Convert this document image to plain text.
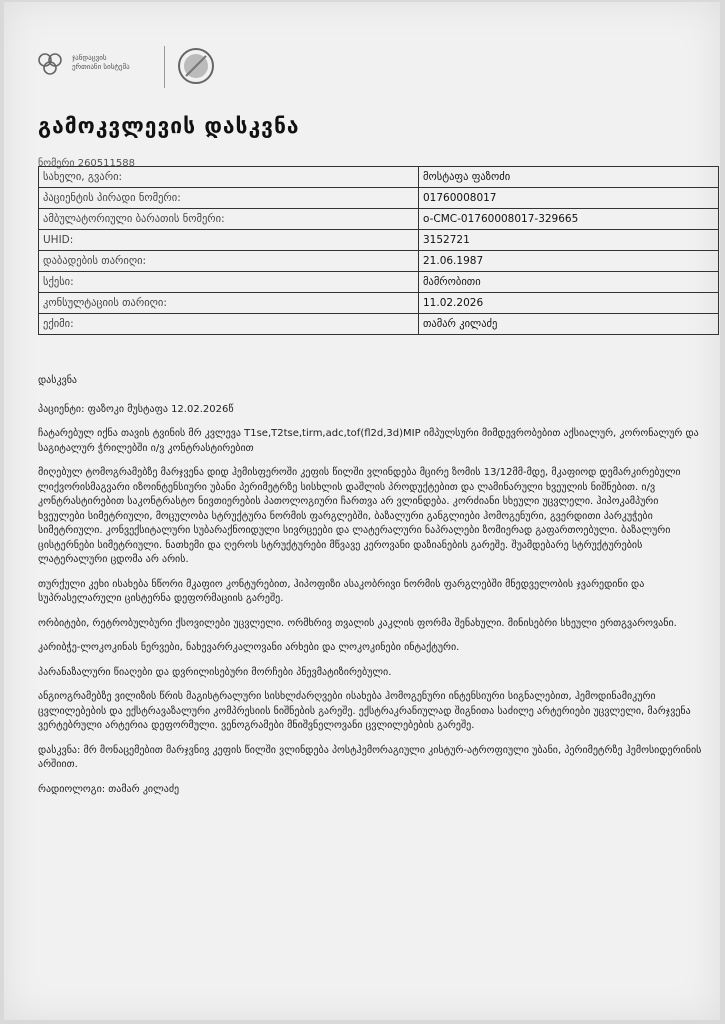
ჯანდაცვის
ერთიანი სისტემა
გამოკვლევის დასკვნა
ნომერი 260511588
სახელი, გვარი:	მოსტაფა ფაზოძი
პაციენტის პირადი ნომერი:	01760008017
ამბულატორიული ბარათის ნომერი:	o-CMC-01760008017-329665
UHID:	3152721
დაბადების თარიღი:	21.06.1987
სქესი:	მამრობითი
კონსულტაციის თარიღი:	11.02.2026
ექიმი:	თამარ კილაძე

დასკვნა

პაციენტი: ფაზოკი მუსტაფა 12.02.2026წ

ჩატარებულ იქნა თავის ტვინის მრ კვლევა T1se,T2tse,tirm,adc,tof(fl2d,3d)MIP იმპულსური მიმდევრობებით აქსიალურ, კორონალურ და საგიტალურ ჭრილებში ი/ვ კონტრასტირებით

მიღებულ ტომოგრამებზე მარჯვენა დიდ ჰემისფეროში კეფის წილში ვლინდება მცირე ზომის 13/12მმ-მდე, მკაფიოდ დემარკირებული ლიქვორისმაგვარი იზოინტენსიური უბანი პერიმეტრზე სისხლის დაშლის პროდუქტებით და ლამინარული ხვეულის ნიშნებით. ი/ვ კონტრასტირებით საკონტრასტო ნივთიერების პათოლოგიური ჩართვა არ ვლინდება. კორძიანი სხეული უცვლელი. ჰიპოკამპური ხვეულები სიმეტრიული, მოცულობა სტრუქტურა ნორმის ფარგლებში, ბაზალური განგლიები ჰომოგენური, გვერდითი პარკუჭები სიმეტრიული. კონვექსიტალური სუბარაქნოიდული სივრცეები და ლატერალური ნაპრალები ზომიერად გაფართოებული. ბაზალური ცისტერნები სიმეტრიული. ნათხემი და ღეროს სტრუქტურები მწვავე კეროვანი დაზიანების გარეშე. შუამდებარე სტრუქტურების ლატერალური ცდომა არ არის.

თურქული კეხი ისახება ნწორი მკაფიო კონტურებით, ჰიპოფიზი ასაკობრივი ნორმის ფარგლებში მნედველობის ჯვარედინი და სუპრასელარული ცისტერნა დეფორმაციის გარეშე.

ორბიტები, რეტრობულბური ქსოვილები უცვლელი. ორმხრივ თვალის კაკლის ფორმა შენახული. მინისებრი სხეული ერთგვაროვანი.

კარიბჭე-ლოკოკინას ნერვები, ნახევარრკალოვანი არხები და ლოკოკინები ინტაქტური.

პარანაზალური წიაღები და დვრილისებური მორჩები პნევმატიზირებული.

ანგიოგრამებზე ვილიზის წრის მაგისტრალური სისხლძარღვები ისახება ჰომოგენური ინტენსიური სიგნალებით, ჰემოდინამიკური ცვლილებების და ექსტრავაზალური კომპრესიის ნიშნების გარეშე. ექსტრაკრანიულად შიგნითა საძილე არტერიები უცვლელი, მარჯვენა ვერტებრული არტერია დეფორმული. ვენოგრამები მნიშვნელოვანი ცვლილებების გარეშე.

დასკვნა: მრ მონაცემებით მარჯვნივ კეფის წილში ვლინდება პოსტჰემორაგიული კისტურ-ატროფიული უბანი, პერიმეტრზე ჰემოსიდერინის არშიით.

რადიოლოგი: თამარ კილაძე
